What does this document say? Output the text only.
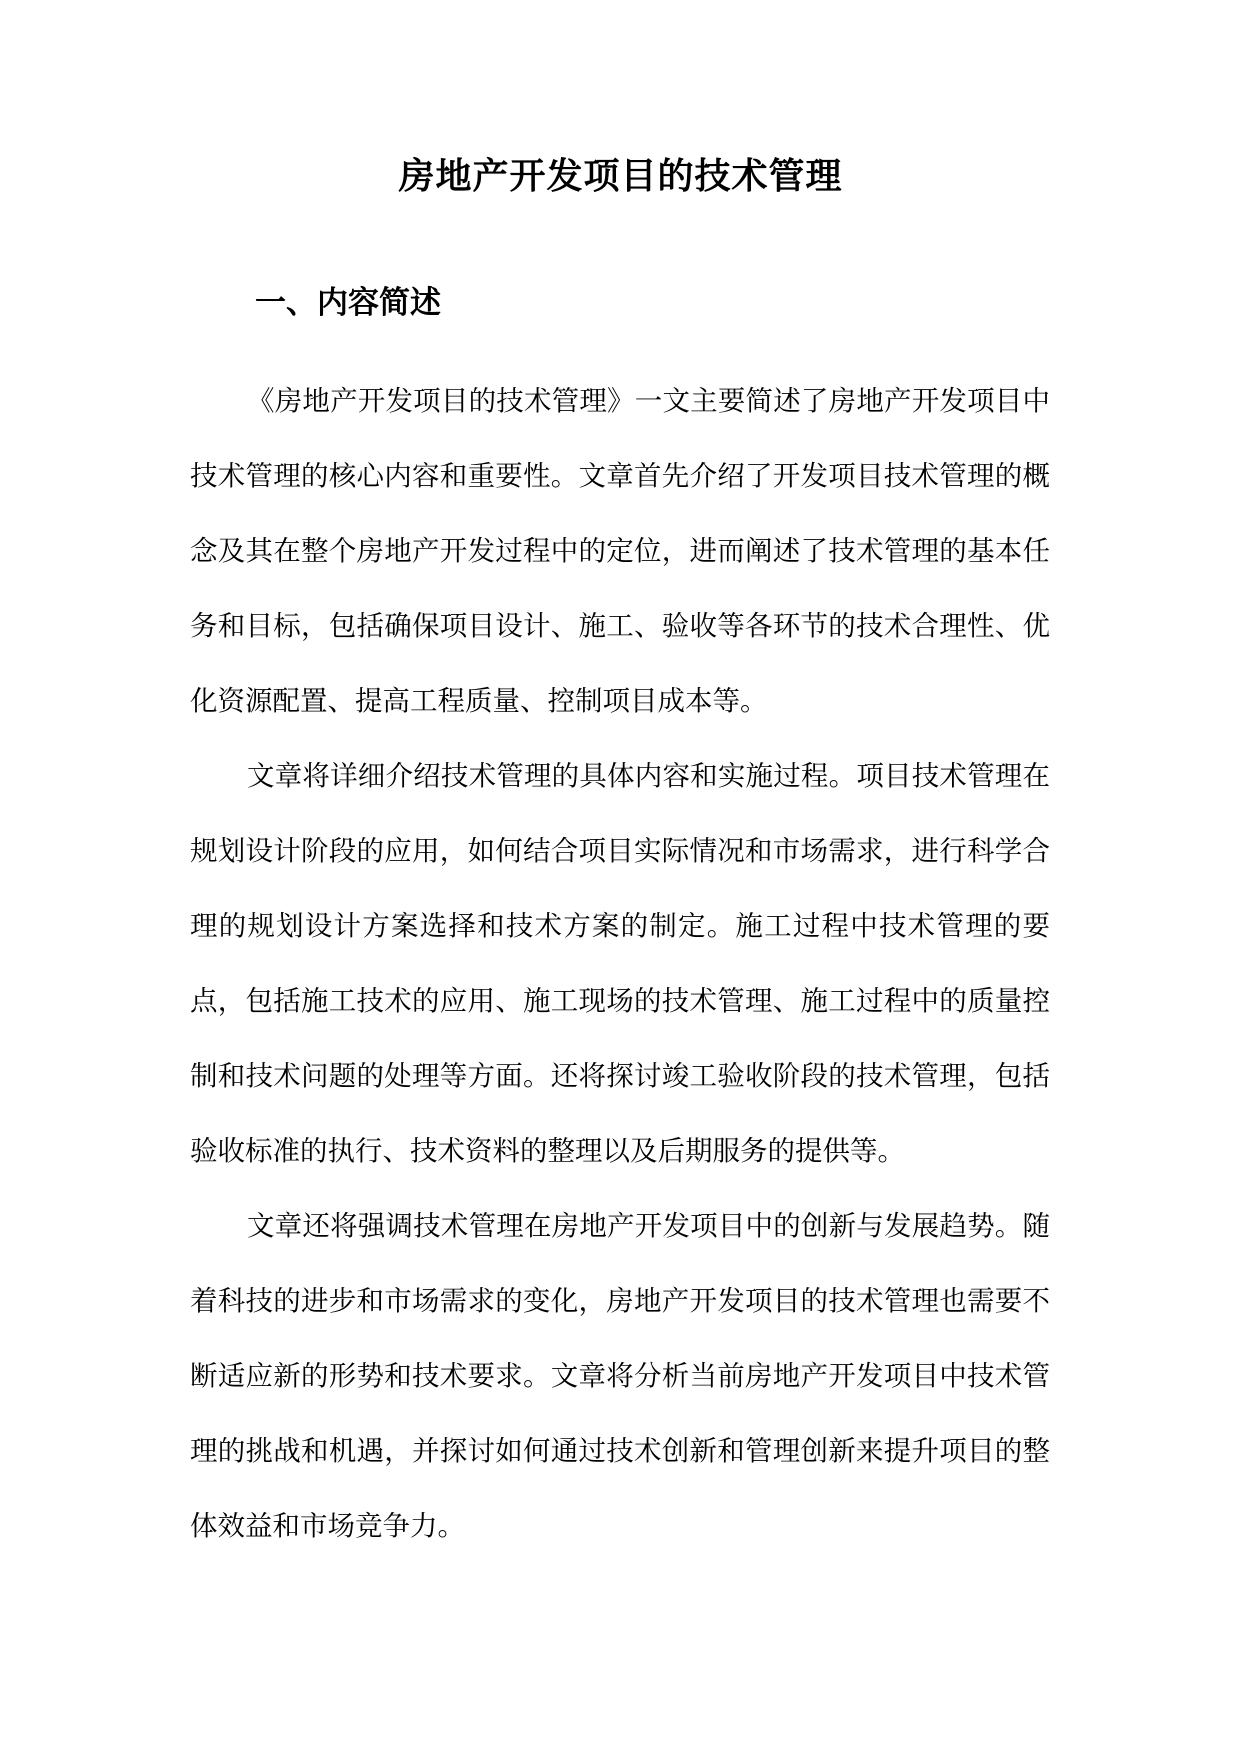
房地产开发项目的技术管理
一、内容简述

《房地产开发项目的技术管理》一文主要简述了房地产开发项目中技术管理的核心内容和重要性。文章首先介绍了开发项目技术管理的概念及其在整个房地产开发过程中的定位，进而阐述了技术管理的基本任务和目标，包括确保项目设计、施工、验收等各环节的技术合理性、优化资源配置、提高工程质量、控制项目成本等。

文章将详细介绍技术管理的具体内容和实施过程。项目技术管理在规划设计阶段的应用，如何结合项目实际情况和市场需求，进行科学合理的规划设计方案选择和技术方案的制定。施工过程中技术管理的要点，包括施工技术的应用、施工现场的技术管理、施工过程中的质量控制和技术问题的处理等方面。还将探讨竣工验收阶段的技术管理，包括验收标准的执行、技术资料的整理以及后期服务的提供等。

文章还将强调技术管理在房地产开发项目中的创新与发展趋势。随着科技的进步和市场需求的变化，房地产开发项目的技术管理也需要不断适应新的形势和技术要求。文章将分析当前房地产开发项目中技术管理的挑战和机遇，并探讨如何通过技术创新和管理创新来提升项目的整体效益和市场竞争力。
